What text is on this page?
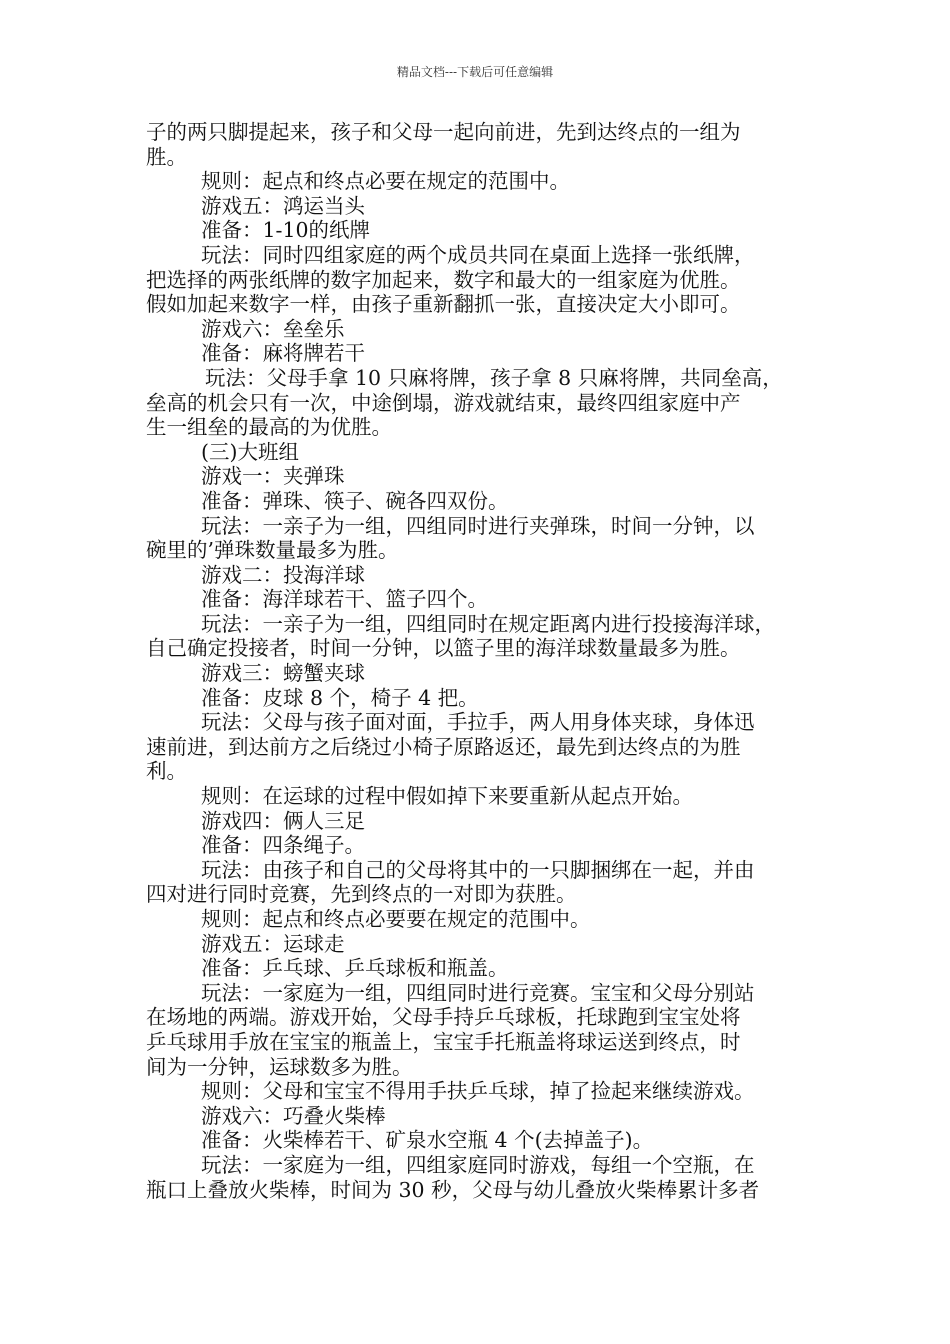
精品文档---下载后可任意编辑
子的两只脚提起来，孩子和父母一起向前进，先到达终点的一组为
胜。
规则：起点和终点必要在规定的范围中。
游戏五：鸿运当头
准备：1-10的纸牌
玩法：同时四组家庭的两个成员共同在桌面上选择一张纸牌，
把选择的两张纸牌的数字加起来，数字和最大的一组家庭为优胜。
假如加起来数字一样，由孩子重新翻抓一张，直接决定大小即可。
游戏六：垒垒乐
准备：麻将牌若干
玩法：父母手拿 10 只麻将牌，孩子拿 8 只麻将牌，共同垒高，
垒高的机会只有一次，中途倒塌，游戏就结束，最终四组家庭中产
生一组垒的最高的为优胜。
(三)大班组
游戏一：夹弹珠
准备：弹珠、筷子、碗各四双份。
玩法：一亲子为一组，四组同时进行夹弹珠，时间一分钟，以
碗里的’弹珠数量最多为胜。
游戏二：投海洋球
准备：海洋球若干、篮子四个。
玩法：一亲子为一组，四组同时在规定距离内进行投接海洋球，
自己确定投接者，时间一分钟，以篮子里的海洋球数量最多为胜。
游戏三：螃蟹夹球
准备：皮球 8 个，椅子 4 把。
玩法：父母与孩子面对面，手拉手，两人用身体夹球，身体迅
速前进，到达前方之后绕过小椅子原路返还，最先到达终点的为胜
利。
规则：在运球的过程中假如掉下来要重新从起点开始。
游戏四：俩人三足
准备：四条绳子。
玩法：由孩子和自己的父母将其中的一只脚捆绑在一起，并由
四对进行同时竞赛，先到终点的一对即为获胜。
规则：起点和终点必要要在规定的范围中。
游戏五：运球走
准备：乒乓球、乒乓球板和瓶盖。
玩法：一家庭为一组，四组同时进行竞赛。宝宝和父母分别站
在场地的两端。游戏开始，父母手持乒乓球板，托球跑到宝宝处将
乒乓球用手放在宝宝的瓶盖上，宝宝手托瓶盖将球运送到终点，时
间为一分钟，运球数多为胜。
规则：父母和宝宝不得用手扶乒乓球，掉了捡起来继续游戏。
游戏六：巧叠火柴棒
准备：火柴棒若干、矿泉水空瓶 4 个(去掉盖子)。
玩法：一家庭为一组，四组家庭同时游戏，每组一个空瓶，在
瓶口上叠放火柴棒，时间为 30 秒，父母与幼儿叠放火柴棒累计多者
